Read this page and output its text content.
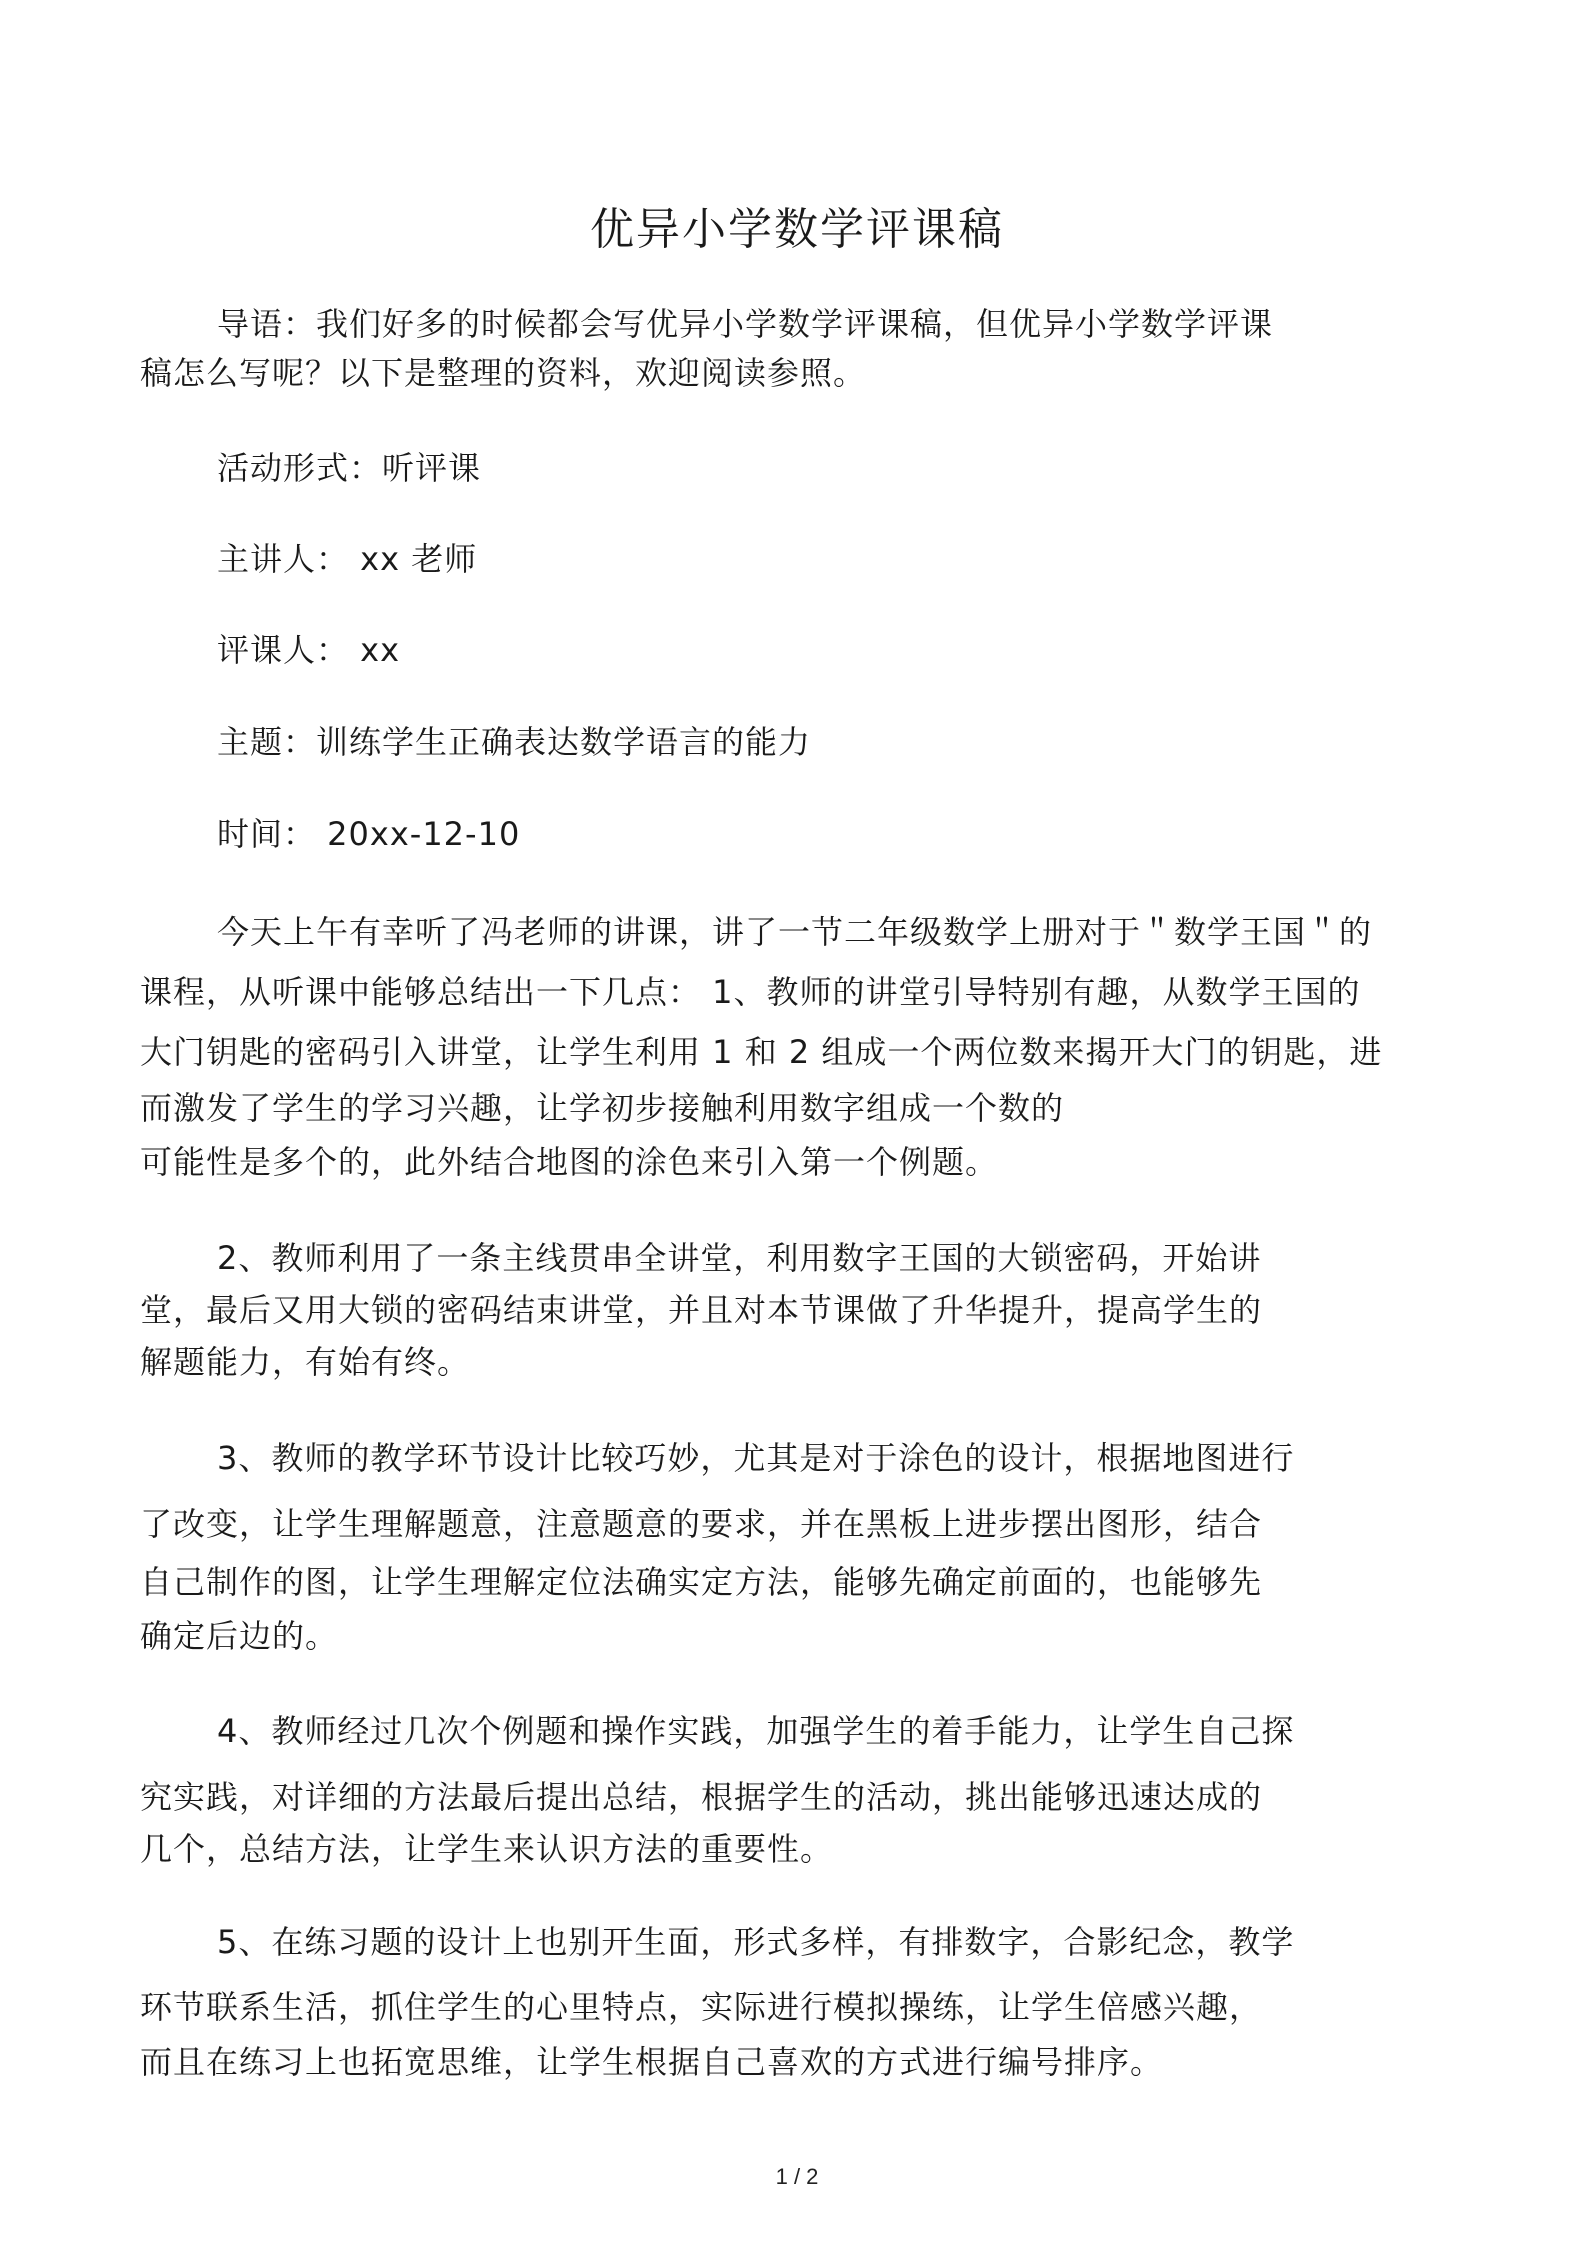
优异小学数学评课稿
导语：我们好多的时候都会写优异小学数学评课稿，但优异小学数学评课
稿怎么写呢？以下是整理的资料，欢迎阅读参照。
活动形式：听评课
主讲人： xx 老师
评课人： xx
主题：训练学生正确表达数学语言的能力
时间： 20xx-12-10
今天上午有幸听了冯老师的讲课，讲了一节二年级数学上册对于＂数学王国＂的
课程，从听课中能够总结出一下几点： 1、教师的讲堂引导特别有趣，从数学王国的
大门钥匙的密码引入讲堂，让学生利用 1 和 2 组成一个两位数来揭开大门的钥匙，进
而激发了学生的学习兴趣，让学初步接触利用数字组成一个数的
可能性是多个的，此外结合地图的涂色来引入第一个例题。
2、教师利用了一条主线贯串全讲堂，利用数字王国的大锁密码，开始讲
堂，最后又用大锁的密码结束讲堂，并且对本节课做了升华提升，提高学生的
解题能力，有始有终。
3、教师的教学环节设计比较巧妙，尤其是对于涂色的设计，根据地图进行
了改变，让学生理解题意，注意题意的要求，并在黑板上进步摆出图形，结合
自己制作的图，让学生理解定位法确实定方法，能够先确定前面的，也能够先
确定后边的。
4、教师经过几次个例题和操作实践，加强学生的着手能力，让学生自己探
究实践，对详细的方法最后提出总结，根据学生的活动，挑出能够迅速达成的
几个，总结方法，让学生来认识方法的重要性。
5、在练习题的设计上也别开生面，形式多样，有排数字，合影纪念，教学
环节联系生活，抓住学生的心里特点，实际进行模拟操练，让学生倍感兴趣，
而且在练习上也拓宽思维，让学生根据自己喜欢的方式进行编号排序。
1 / 2
